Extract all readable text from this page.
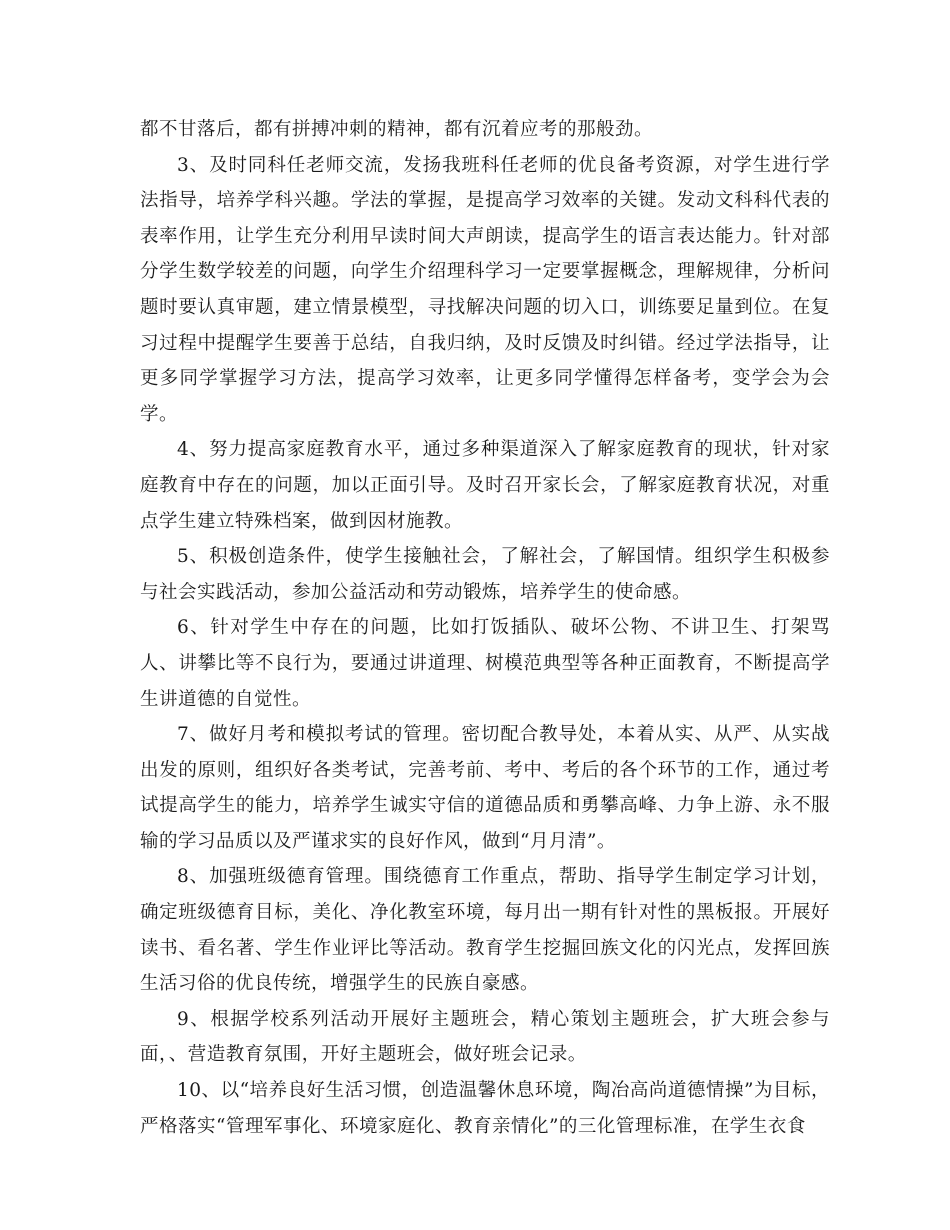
都不甘落后，都有拼搏冲刺的精神，都有沉着应考的那般劲。

3、及时同科任老师交流，发扬我班科任老师的优良备考资源，对学生进行学法指导，培养学科兴趣。学法的掌握，是提高学习效率的关键。发动文科科代表的表率作用，让学生充分利用早读时间大声朗读，提高学生的语言表达能力。针对部分学生数学较差的问题，向学生介绍理科学习一定要掌握概念，理解规律，分析问题时要认真审题，建立情景模型，寻找解决问题的切入口，训练要足量到位。在复习过程中提醒学生要善于总结，自我归纳，及时反馈及时纠错。经过学法指导，让更多同学掌握学习方法，提高学习效率，让更多同学懂得怎样备考，变学会为会学。

4、努力提高家庭教育水平，通过多种渠道深入了解家庭教育的现状，针对家庭教育中存在的问题，加以正面引导。及时召开家长会，了解家庭教育状况，对重点学生建立特殊档案，做到因材施教。

5、积极创造条件，使学生接触社会，了解社会，了解国情。组织学生积极参与社会实践活动，参加公益活动和劳动锻炼，培养学生的使命感。

6、针对学生中存在的问题，比如打饭插队、破坏公物、不讲卫生、打架骂人、讲攀比等不良行为，要通过讲道理、树模范典型等各种正面教育，不断提高学生讲道德的自觉性。

7、做好月考和模拟考试的管理。密切配合教导处，本着从实、从严、从实战出发的原则，组织好各类考试，完善考前、考中、考后的各个环节的工作，通过考试提高学生的能力，培养学生诚实守信的道德品质和勇攀高峰、力争上游、永不服输的学习品质以及严谨求实的良好作风，做到“月月清”。

8、加强班级德育管理。围绕德育工作重点，帮助、指导学生制定学习计划，确定班级德育目标，美化、净化教室环境，每月出一期有针对性的黑板报。开展好读书、看名著、学生作业评比等活动。教育学生挖掘回族文化的闪光点，发挥回族生活习俗的优良传统，增强学生的民族自豪感。

9、根据学校系列活动开展好主题班会，精心策划主题班会，扩大班会参与面，、营造教育氛围，开好主题班会，做好班会记录。

10、以“培养良好生活习惯，创造温馨休息环境，陶冶高尚道德情操”为目标，严格落实“管理军事化、环境家庭化、教育亲情化”的三化管理标准，在学生衣食
